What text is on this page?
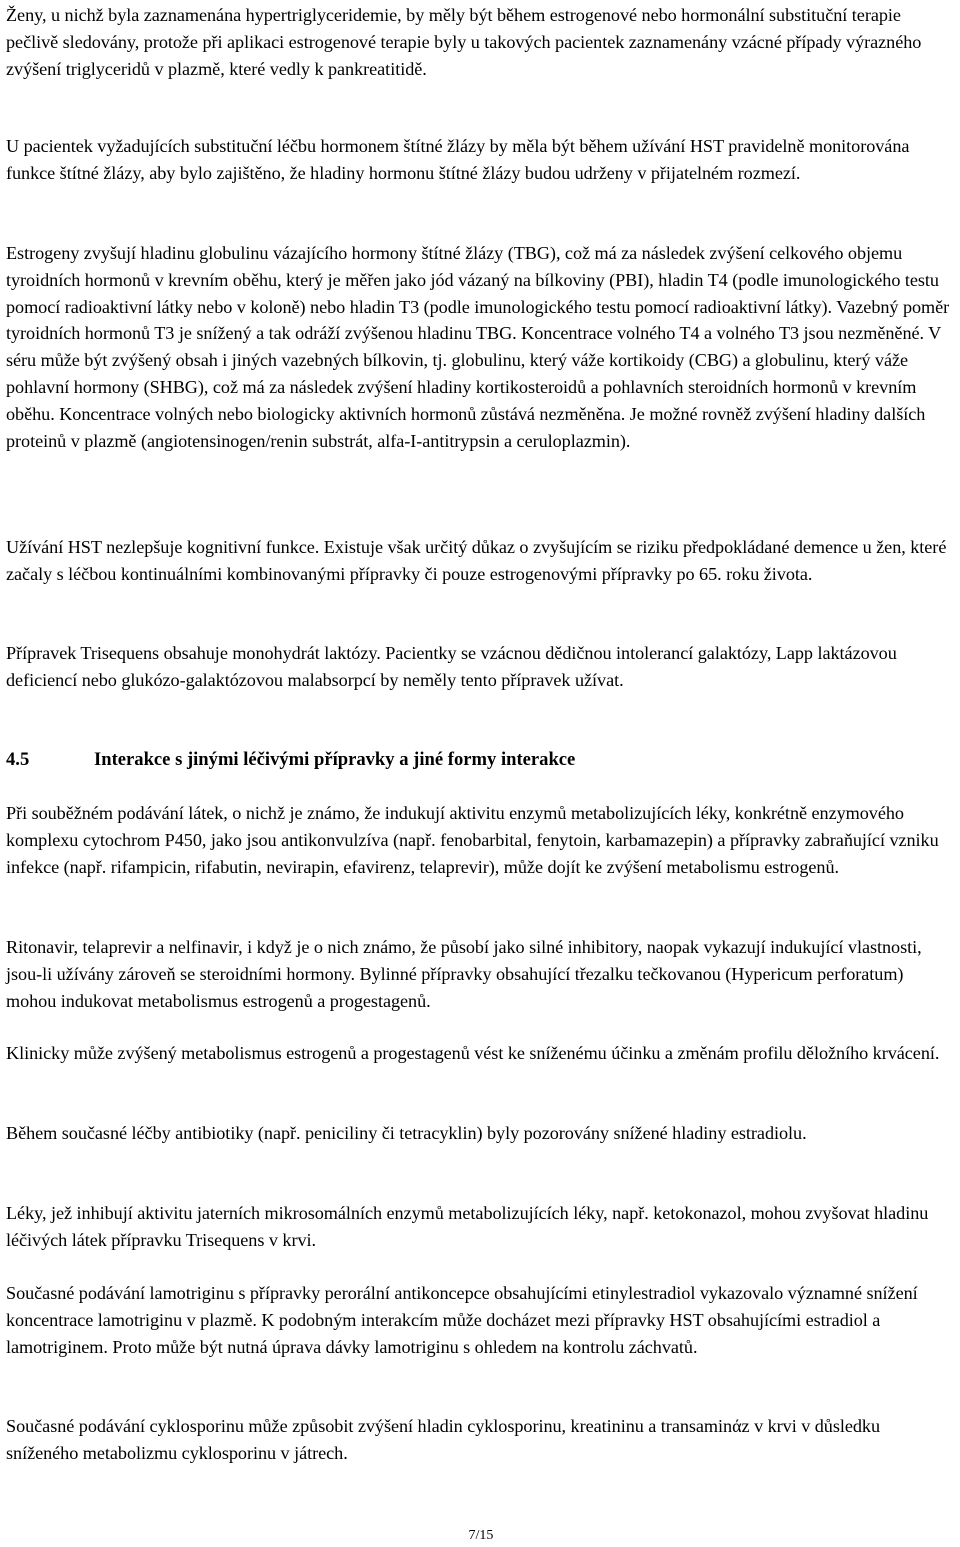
Ženy, u nichž byla zaznamenána hypertriglyceridemie, by měly být během estrogenové nebo hormonální substituční terapie pečlivě sledovány, protože při aplikaci estrogenové terapie byly u takových pacientek zaznamenány vzácné případy výrazného zvýšení triglyceridů v plazmě, které vedly k pankreatitidě.

U pacientek vyžadujících substituční léčbu hormonem štítné žlázy by měla být během užívání HST pravidelně monitorována funkce štítné žlázy, aby bylo zajištěno, že hladiny hormonu štítné žlázy budou udrženy v přijatelném rozmezí.

Estrogeny zvyšují hladinu globulinu vázajícího hormony štítné žlázy (TBG), což má za následek zvýšení celkového objemu tyroidních hormonů v krevním oběhu, který je měřen jako jód vázaný na bílkoviny (PBI), hladin T4 (podle imunologického testu pomocí radioaktivní látky nebo v koloně) nebo hladin T3 (podle imunologického testu pomocí radioaktivní látky). Vazebný poměr tyroidních hormonů T3 je snížený a tak odráží zvýšenou hladinu TBG. Koncentrace volného T4 a volného T3 jsou nezměněné. V séru může být zvýšený obsah i jiných vazebných bílkovin, tj. globulinu, který váže kortikoidy (CBG) a globulinu, který váže pohlavní hormony (SHBG), což má za následek zvýšení hladiny kortikosteroidů a pohlavních steroidních hormonů v krevním oběhu. Koncentrace volných nebo biologicky aktivních hormonů zůstává nezměněna. Je možné rovněž zvýšení hladiny dalších proteinů v plazmě (angiotensinogen/renin substrát, alfa-I-antitrypsin a ceruloplazmin).

Užívání HST nezlepšuje kognitivní funkce. Existuje však určitý důkaz o zvyšujícím se riziku předpokládané demence u žen, které začaly s léčbou kontinuálními kombinovanými přípravky či pouze estrogenovými přípravky po 65. roku života.

Přípravek Trisequens obsahuje monohydrát laktózy. Pacientky se vzácnou dědičnou intolerancí galaktózy, Lapp laktázovou deficiencí nebo glukózo-galaktózovou malabsorpcí by neměly tento přípravek užívat.

4.5	Interakce s jinými léčivými přípravky a jiné formy interakce

Při souběžném podávání látek, o nichž je známo, že indukují aktivitu enzymů metabolizujících léky, konkrétně enzymového komplexu cytochrom P450, jako jsou antikonvulzíva (např. fenobarbital, fenytoin, karbamazepin) a přípravky zabraňující vzniku infekce (např. rifampicin, rifabutin, nevirapin, efavirenz, telaprevir), může dojít ke zvýšení metabolismu estrogenů.

Ritonavir, telaprevir a nelfinavir, i když je o nich známo, že působí jako silné inhibitory, naopak vykazují indukující vlastnosti, jsou-li užívány zároveň se steroidními hormony. Bylinné přípravky obsahující třezalku tečkovanou (Hypericum perforatum) mohou indukovat metabolismus estrogenů a progestagenů.

Klinicky může zvýšený metabolismus estrogenů a progestagenů vést ke sníženému účinku a změnám profilu děložního krvácení.

Během současné léčby antibiotiky (např. peniciliny či tetracyklin) byly pozorovány snížené hladiny estradiolu.

Léky, jež inhibují aktivitu jaterních mikrosomálních enzymů metabolizujících léky, např. ketokonazol, mohou zvyšovat hladinu léčivých látek přípravku Trisequens v krvi.

Současné podávání lamotriginu s přípravky perorální antikoncepce obsahujícími etinylestradiol vykazovalo významné snížení koncentrace lamotriginu v plazmě. K podobným interakcím může docházet mezi přípravky HST obsahujícími estradiol a lamotriginem. Proto může být nutná úprava dávky lamotriginu s ohledem na kontrolu záchvatů.

Současné podávání cyklosporinu může způsobit zvýšení hladin cyklosporinu, kreatininu a transaminάz v krvi v důsledku sníženého metabolizmu cyklosporinu v játrech.

7/15
